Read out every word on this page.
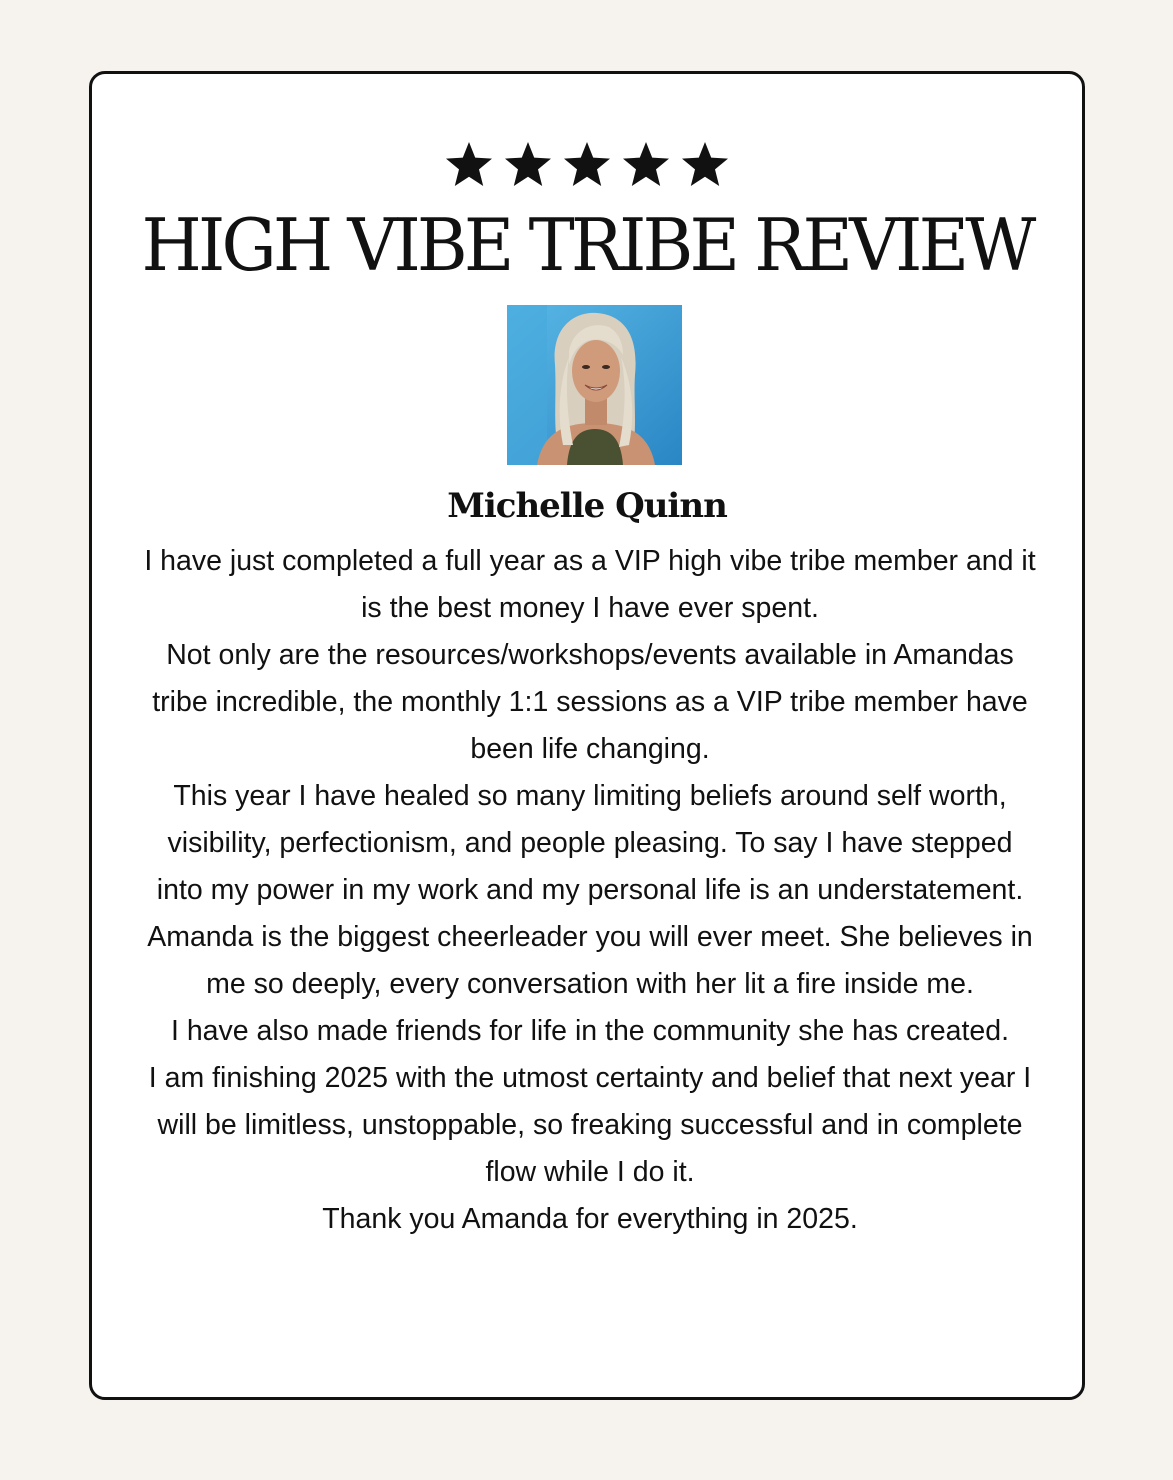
HIGH VIBE TRIBE REVIEW
Michelle Quinn

I have just completed a full year as a VIP high vibe tribe member and it is the best money I have ever spent.

Not only are the resources/workshops/events available in Amandas tribe incredible, the monthly 1:1 sessions as a VIP tribe member have been life changing.

This year I have healed so many limiting beliefs around self worth, visibility, perfectionism, and people pleasing. To say I have stepped into my power in my work and my personal life is an understatement.

Amanda is the biggest cheerleader you will ever meet. She believes in me so deeply, every conversation with her lit a fire inside me.

I have also made friends for life in the community she has created.

I am finishing 2025 with the utmost certainty and belief that next year I will be limitless, unstoppable, so freaking successful and in complete flow while I do it.

Thank you Amanda for everything in 2025.
